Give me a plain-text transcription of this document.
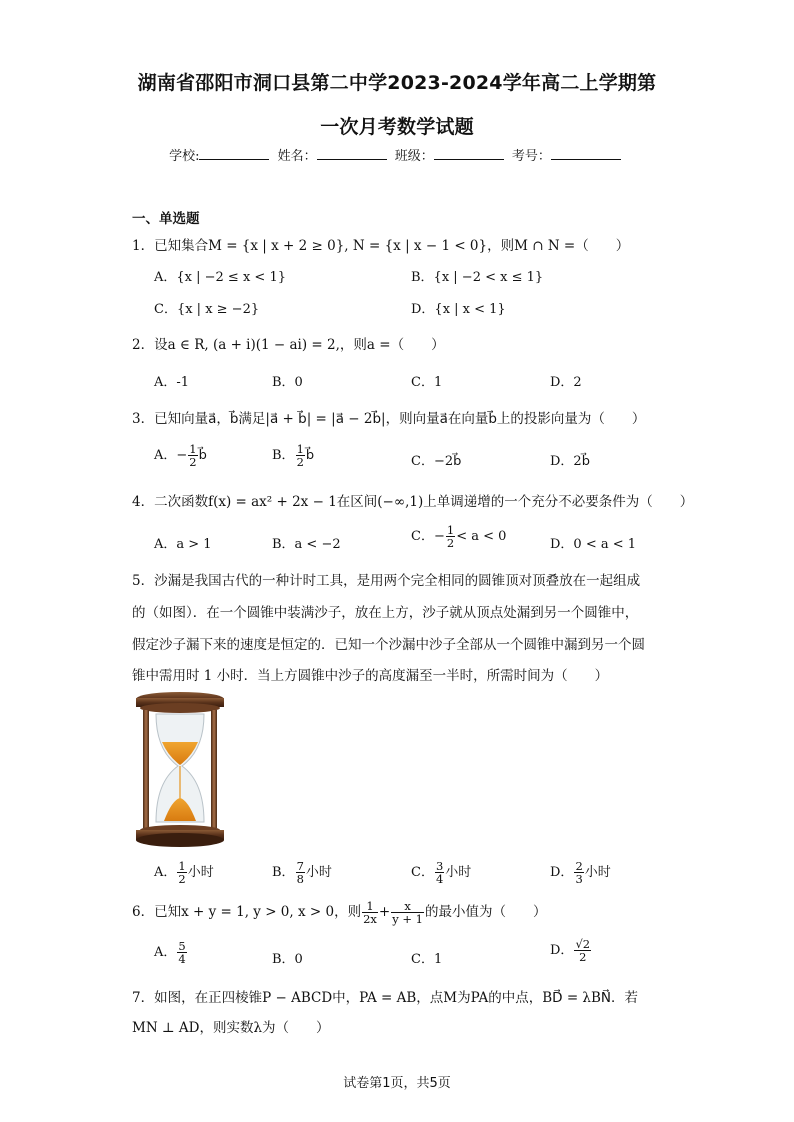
湖南省邵阳市洞口县第二中学2023-2024学年高二上学期第
一次月考数学试题
学校:	姓名：	班级：	考号：
一、单选题
1．已知集合M = {x | x + 2 ≥ 0}, N = {x | x − 1 < 0}，则M ∩ N =（　　）
A．{x | −2 ≤ x < 1}	B．{x | −2 < x ≤ 1}
C．{x | x ≥ −2}	D．{x | x < 1}
2．设a ∈ R, (a + i)(1 − ai) = 2,，则a =（　　）
A．-1	B．0	C．1	D．2
3．已知向量a⃗，b⃗满足|a⃗ + b⃗| = |a⃗ − 2b⃗|，则向量a⃗在向量b⃗上的投影向量为（　　）
A．− $\frac{1}{2}$ b⃗	B． $\frac{1}{2}$ b⃗	C．−2b⃗	D．2b⃗
4．二次函数f(x) = ax² + 2x − 1在区间(−∞,1)上单调递增的一个充分不必要条件为（　　）
A．a > 1	B．a < −2
C．− $\frac{1}{2} < a < 0$
D．0 < a < 1
5．沙漏是我国古代的一种计时工具，是用两个完全相同的圆锥顶对顶叠放在一起组成
的（如图）．在一个圆锥中装满沙子，放在上方，沙子就从顶点处漏到另一个圆锥中，
假定沙子漏下来的速度是恒定的．已知一个沙漏中沙子全部从一个圆锥中漏到另一个圆
锥中需用时 1 小时．当上方圆锥中沙子的高度漏至一半时，所需时间为（　　）
A． $\frac{1}{2}$ 小时	B． $\frac{7}{8}$ 小时	C． $\frac{3}{4}$ 小时	D． $\frac{2}{3}$ 小时
6．已知x + y = 1, y > 0, x > 0，则 $\frac{1}{2x} + \frac{x}{y + 1}$ 的最小值为（　　）
A． $\frac{5}{4}$	B．0	C．1
D． $\frac{√2}{2}$
7．如图，在正四棱锥P − ABCD中，PA = AB，点M为PA的中点，BD⃗ = λBN⃗．若
MN ⊥ AD，则实数λ为（　　）
试卷第1页，共5页
